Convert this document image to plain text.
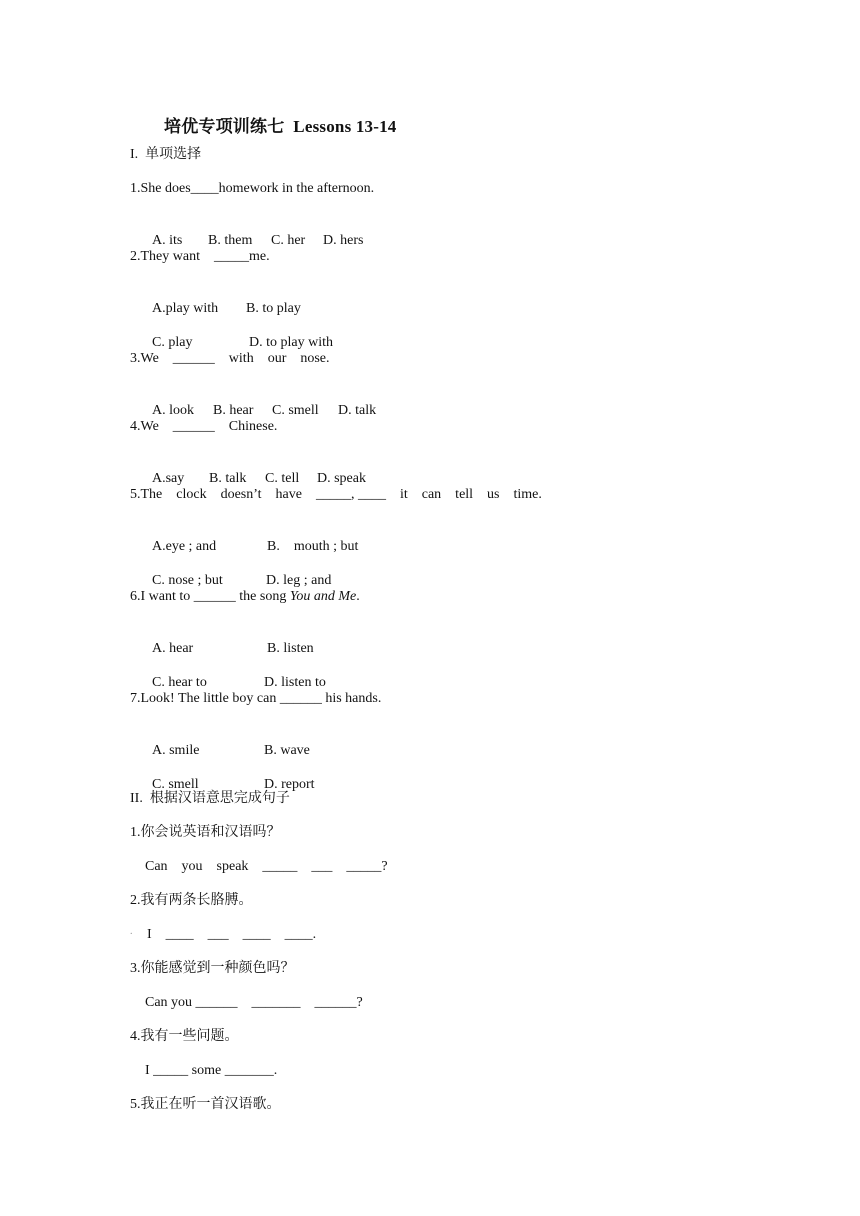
培优专项训练七  Lessons 13-14
I.  单项选择
1.She does____homework in the afternoon.

A. its B. them C. her D. hers

2.They want    _____me.

A.play with B. to play

C. play	D. to play with

3.We    ______    with    our    nose.

A. look B. hear C. smell D. talk

4.We    ______    Chinese.

A.say B. talk C. tell D. speak

5.The    clock    doesn’t    have    _____, ____    it    can    tell    us    time.

A.eye ; and	B.    mouth ; but

C. nose ; but	D. leg ; and

6.I want to ______ the song You and Me.

A. hear	B. listen

C. hear to	D. listen to

7.Look! The little boy can ______ his hands.

A. smile	B. wave

C. smell	D. report

II.  根据汉语意思完成句子
1.你会说英语和汉语吗？
Can    you    speak    _____    ___    _____?
2.我有两条长胳膊。
. I    ____    ___    ____    ____.
3.你能感觉到一种颜色吗？
Can you ______    _______    ______?
4.我有一些问题。
I _____ some _______.
5.我正在听一首汉语歌。
